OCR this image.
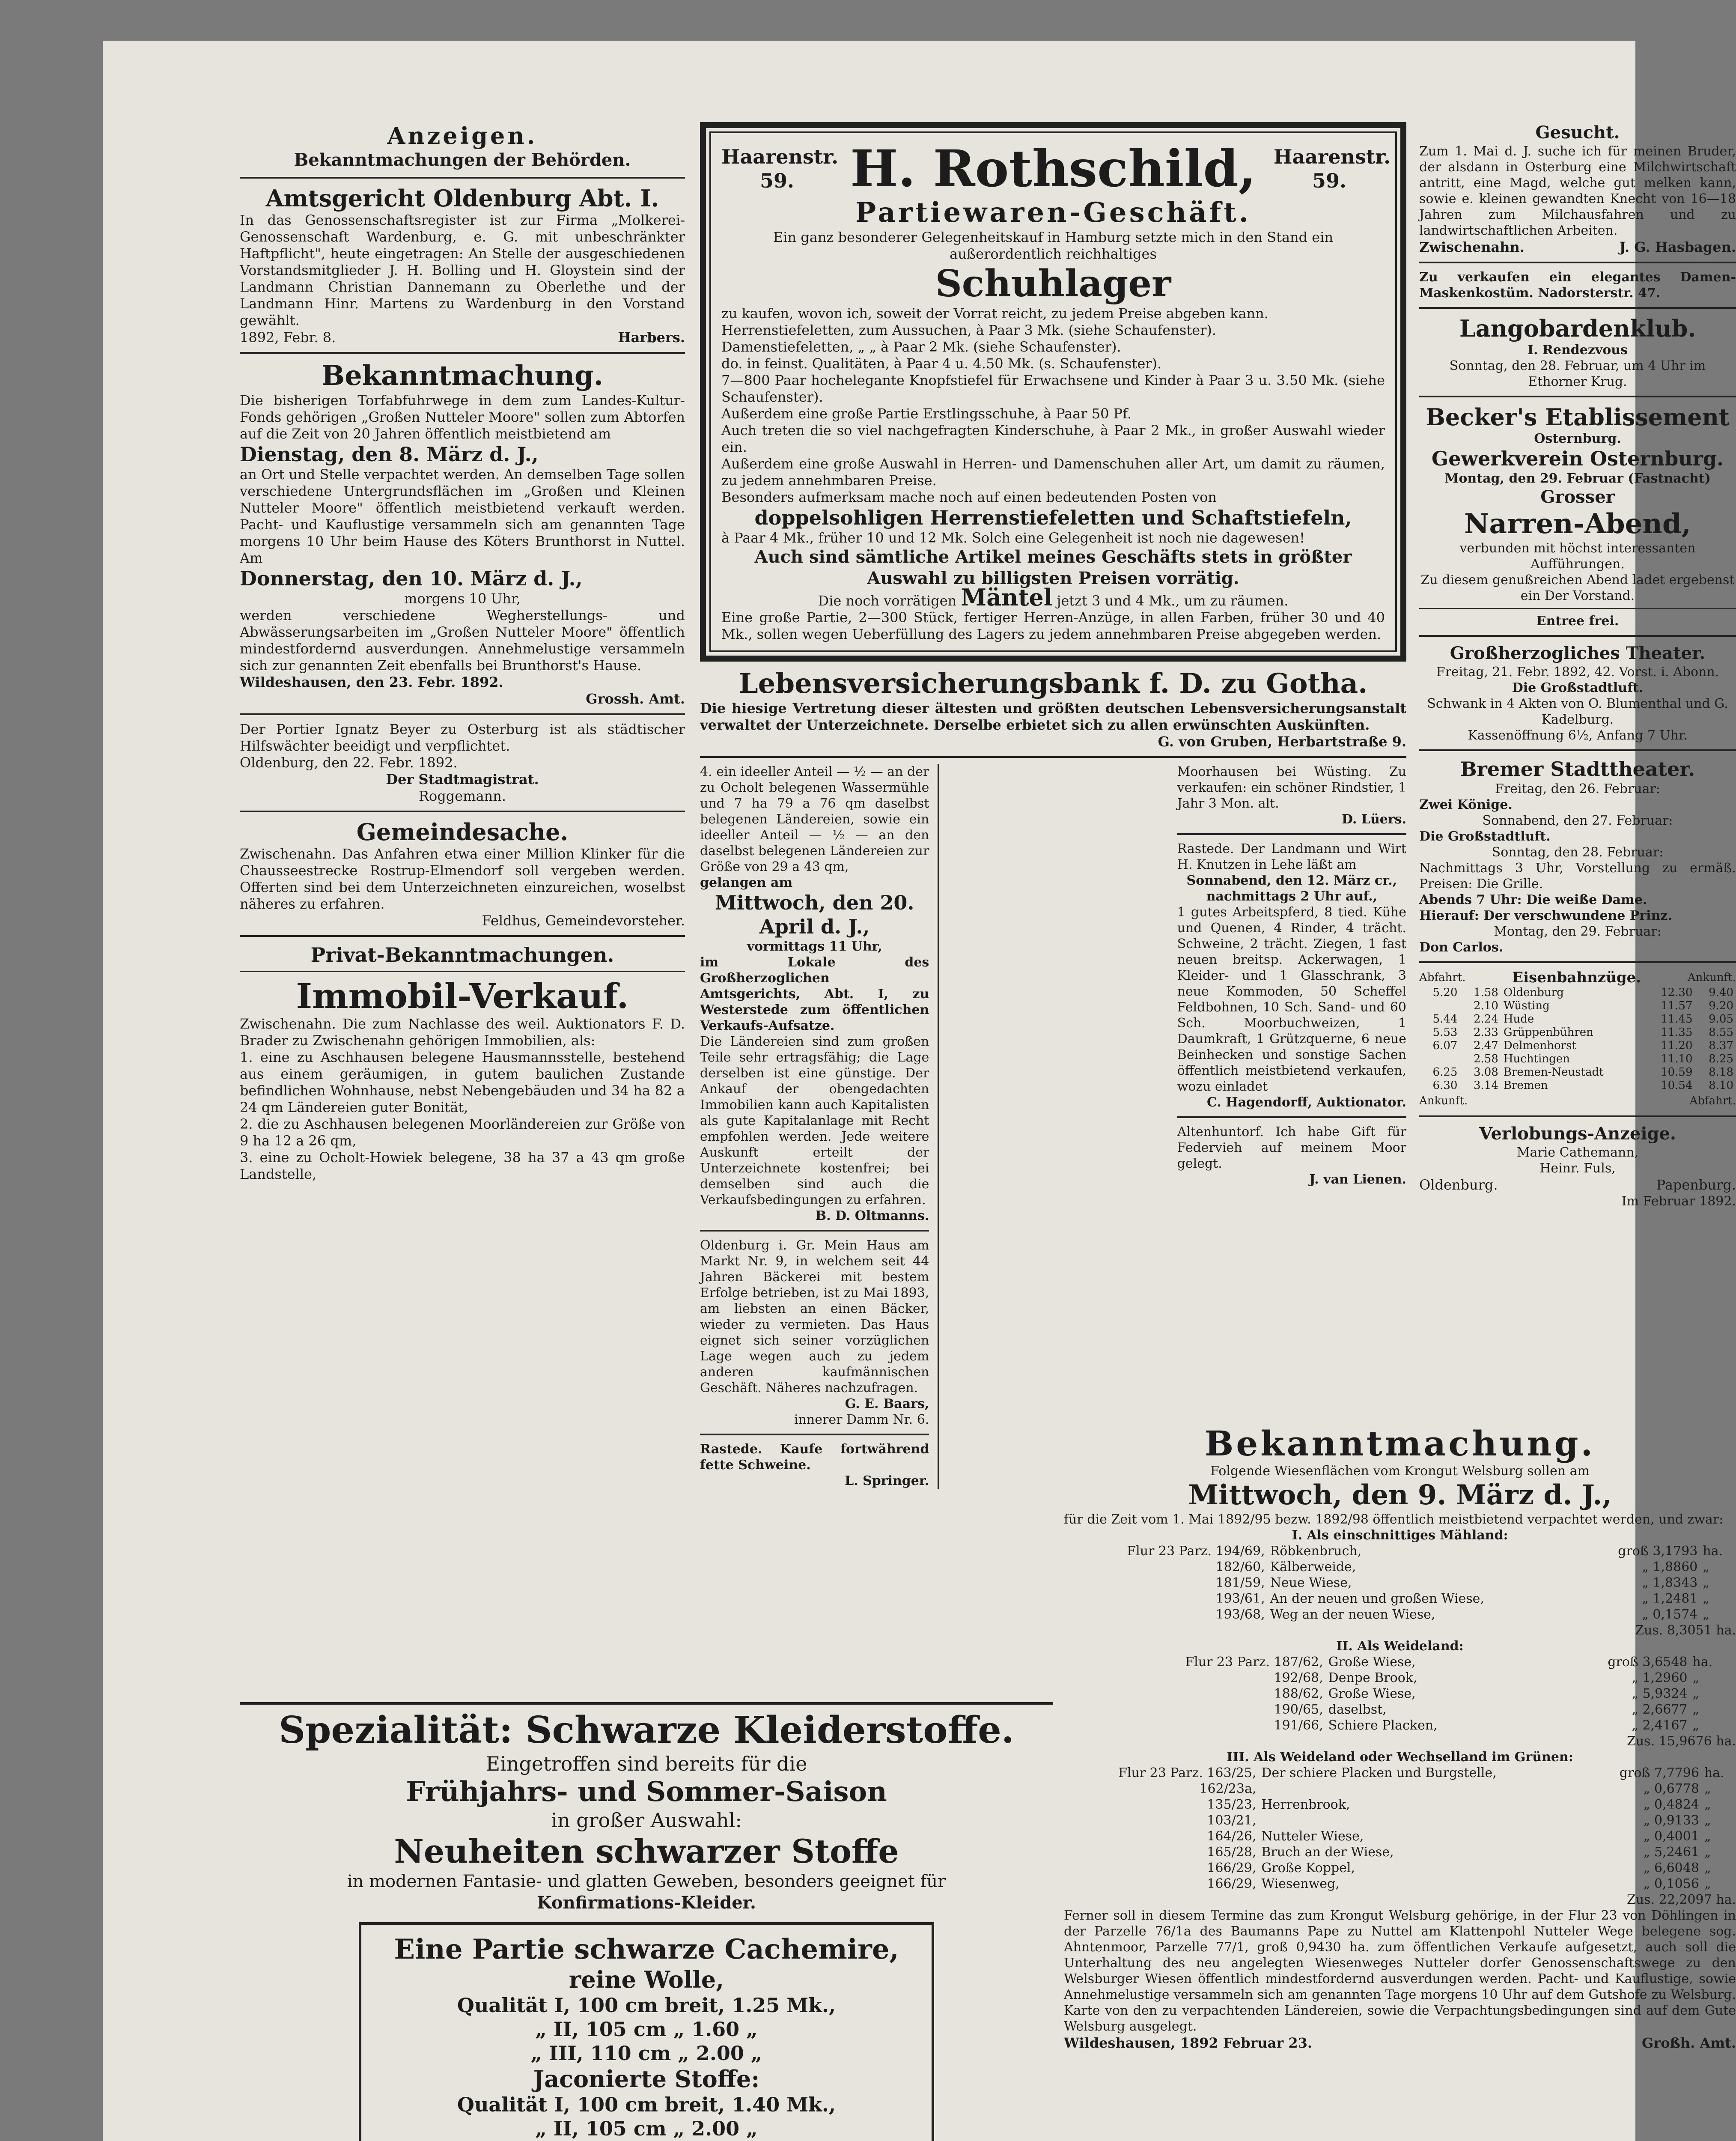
Anzeigen.
Bekanntmachungen der Behörden.
Amtsgericht Oldenburg Abt. I.

In das Genossenschaftsregister ist zur Firma „Molkerei-Genossenschaft Wardenburg, e. G. mit unbeschränkter Haftpflicht", heute eingetragen: An Stelle der ausgeschiedenen Vorstandsmitglieder J. H. Bolling und H. Gloystein sind der Landmann Christian Dannemann zu Oberlethe und der Landmann Hinr. Martens zu Wardenburg in den Vorstand gewählt.

1892, Febr. 8.	Harbers.
Bekanntmachung.

Die bisherigen Torfabfuhrwege in dem zum Landes-Kultur-Fonds gehörigen „Großen Nutteler Moore" sollen zum Abtorfen auf die Zeit von 20 Jahren öffentlich meistbietend am

Dienstag, den 8. März d. J.,

an Ort und Stelle verpachtet werden. An demselben Tage sollen verschiedene Untergrundsflächen im „Großen und Kleinen Nutteler Moore" öffentlich meistbietend verkauft werden. Pacht- und Kauflustige versammeln sich am genannten Tage morgens 10 Uhr beim Hause des Köters Brunthorst in Nuttel. Am

Donnerstag, den 10. März d. J.,

morgens 10 Uhr,

werden verschiedene Wegherstellungs- und Abwässerungsarbeiten im „Großen Nutteler Moore" öffentlich mindestfordernd ausverdungen. Annehmelustige versammeln sich zur genannten Zeit ebenfalls bei Brunthorst's Hause.

Wildeshausen, den 23. Febr. 1892.

Grossh. Amt.

Der Portier Ignatz Beyer zu Osterburg ist als städtischer Hilfswächter beeidigt und verpflichtet.

Oldenburg, den 22. Febr. 1892.

Der Stadtmagistrat.

Roggemann.

Gemeindesache.

Zwischenahn. Das Anfahren etwa einer Million Klinker für die Chausseestrecke Rostrup-Elmendorf soll vergeben werden. Offerten sind bei dem Unterzeichneten einzureichen, woselbst näheres zu erfahren.

Feldhus, Gemeindevorsteher.

Privat-Bekanntmachungen.
Immobil-Verkauf.

Zwischenahn. Die zum Nachlasse des weil. Auktionators F. D. Brader zu Zwischenahn gehörigen Immobilien, als:

1. eine zu Aschhausen belegene Hausmannsstelle, bestehend aus einem geräumigen, in gutem baulichen Zustande befindlichen Wohnhause, nebst Nebengebäuden und 34 ha 82 a 24 qm Ländereien guter Bonität,

2. die zu Aschhausen belegenen Moorländereien zur Größe von 9 ha 12 a 26 qm,

3. eine zu Ocholt-Howiek belegene, 38 ha 37 a 43 qm große Landstelle,

Haarenstr.
59.	H. Rothschild, Haarenstr.
59.
Partiewaren-Geschäft.

Ein ganz besonderer Gelegenheitskauf in Hamburg setzte mich in den Stand ein außerordentlich reichhaltiges

Schuhlager

zu kaufen, wovon ich, soweit der Vorrat reicht, zu jedem Preise abgeben kann.

Herrenstiefeletten, zum Aussuchen, à Paar 3 Mk. (siehe Schaufenster).

Damenstiefeletten, „ „ à Paar 2 Mk. (siehe Schaufenster).

do. in feinst. Qualitäten, à Paar 4 u. 4.50 Mk. (s. Schaufenster).

7—800 Paar hochelegante Knopfstiefel für Erwachsene und Kinder à Paar 3 u. 3.50 Mk. (siehe Schaufenster).

Außerdem eine große Partie Erstlingsschuhe, à Paar 50 Pf.

Auch treten die so viel nachgefragten Kinderschuhe, à Paar 2 Mk., in großer Auswahl wieder ein.

Außerdem eine große Auswahl in Herren- und Damenschuhen aller Art, um damit zu räumen, zu jedem annehmbaren Preise.

Besonders aufmerksam mache noch auf einen bedeutenden Posten von

doppelsohligen Herrenstiefeletten und Schaftstiefeln,

à Paar 4 Mk., früher 10 und 12 Mk. Solch eine Gelegenheit ist noch nie dagewesen!

Auch sind sämtliche Artikel meines Geschäfts stets in größter Auswahl zu billigsten Preisen vorrätig.

Die noch vorrätigen Mäntel jetzt 3 und 4 Mk., um zu räumen.

Eine große Partie, 2—300 Stück, fertiger Herren-Anzüge, in allen Farben, früher 30 und 40 Mk., sollen wegen Ueberfüllung des Lagers zu jedem annehmbaren Preise abgegeben werden.

Lebensversicherungsbank f. D. zu Gotha.

Die hiesige Vertretung dieser ältesten und größten deutschen Lebensversicherungsanstalt verwaltet der Unterzeichnete. Derselbe erbietet sich zu allen erwünschten Auskünften.

G. von Gruben, Herbartstraße 9.

4. ein ideeller Anteil — ½ — an der zu Ocholt belegenen Wassermühle und 7 ha 79 a 76 qm daselbst belegenen Ländereien, sowie ein ideeller Anteil — ½ — an den daselbst belegenen Ländereien zur Größe von 29 a 43 qm,

gelangen am

Mittwoch, den 20. April d. J.,

vormittags 11 Uhr,

im Lokale des Großherzoglichen Amtsgerichts, Abt. I, zu Westerstede zum öffentlichen Verkaufs-Aufsatze.

Die Ländereien sind zum großen Teile sehr ertragsfähig; die Lage derselben ist eine günstige. Der Ankauf der obengedachten Immobilien kann auch Kapitalisten als gute Kapitalanlage mit Recht empfohlen werden. Jede weitere Auskunft erteilt der Unterzeichnete kostenfrei; bei demselben sind auch die Verkaufsbedingungen zu erfahren.

B. D. Oltmanns.

Oldenburg i. Gr. Mein Haus am Markt Nr. 9, in welchem seit 44 Jahren Bäckerei mit bestem Erfolge betrieben, ist zu Mai 1893, am liebsten an einen Bäcker, wieder zu vermieten. Das Haus eignet sich seiner vorzüglichen Lage wegen auch zu jedem anderen kaufmännischen Geschäft. Näheres nachzufragen.

G. E. Baars,

innerer Damm Nr. 6.

Rastede. Kaufe fortwährend fette Schweine.

L. Springer.

Moorhausen bei Wüsting. Zu verkaufen: ein schöner Rindstier, 1 Jahr 3 Mon. alt.

D. Lüers.

Rastede. Der Landmann und Wirt H. Knutzen in Lehe läßt am

Sonnabend, den 12. März cr.,

nachmittags 2 Uhr auf.,

1 gutes Arbeitspferd, 8 tied. Kühe und Quenen, 4 Rinder, 4 trächt. Schweine, 2 trächt. Ziegen, 1 fast neuen breitsp. Ackerwagen, 1 Kleider- und 1 Glasschrank, 3 neue Kommoden, 50 Scheffel Feldbohnen, 10 Sch. Sand- und 60 Sch. Moorbuchweizen, 1 Daumkraft, 1 Grützquerne, 6 neue Beinhecken und sonstige Sachen öffentlich meistbietend verkaufen, wozu einladet

C. Hagendorff, Auktionator.

Altenhuntorf. Ich habe Gift für Federvieh auf meinem Moor gelegt.

J. van Lienen.

Gesucht.

Zum 1. Mai d. J. suche ich für meinen Bruder, der alsdann in Osterburg eine Milchwirtschaft antritt, eine Magd, welche gut melken kann, sowie e. kleinen gewandten Knecht von 16—18 Jahren zum Milchausfahren und zu landwirtschaftlichen Arbeiten.

Zwischenahn.	J. G. Hasbagen.

Zu verkaufen ein elegantes Damen-Maskenkostüm. Nadorsterstr. 47.

Langobardenklub.

I. Rendezvous

Sonntag, den 28. Februar, um 4 Uhr im Ethorner Krug.

Becker's Etablissement

Osternburg.

Gewerkverein Osternburg.

Montag, den 29. Februar (Fastnacht)

Grosser
Narren-Abend,

verbunden mit höchst interessanten Aufführungen.

Zu diesem genußreichen Abend ladet ergebenst ein Der Vorstand.

Entree frei.

Großherzogliches Theater.

Freitag, 21. Febr. 1892, 42. Vorst. i. Abonn.

Die Großstadtluft.

Schwank in 4 Akten von O. Blumenthal und G. Kadelburg.

Kassenöffnung 6½, Anfang 7 Uhr.

Bremer Stadttheater.

Freitag, den 26. Februar:

Zwei Könige.

Sonnabend, den 27. Februar:

Die Großstadtluft.

Sonntag, den 28. Februar:

Nachmittags 3 Uhr, Vorstellung zu ermäß. Preisen: Die Grille.

Abends 7 Uhr: Die weiße Dame.

Hierauf: Der verschwundene Prinz.

Montag, den 29. Februar:

Don Carlos.

Abfahrt.	Eisenbahnzüge.	Ankunft.
5.20	1.58	Oldenburg	12.30	9.40
	2.10	Wüsting	11.57	9.20
5.44	2.24	Hude	11.45	9.05
5.53	2.33	Grüppenbühren	11.35	8.55
6.07	2.47	Delmenhorst	11.20	8.37
	2.58	Huchtingen	11.10	8.25
6.25	3.08	Bremen-Neustadt	10.59	8.18
6.30	3.14	Bremen	10.54	8.10
Ankunft.	Abfahrt.
Verlobungs-Anzeige.

Marie Cathemann,

Heinr. Fuls,

Oldenburg.	Papenburg.

Im Februar 1892.

Spezialität: Schwarze Kleiderstoffe.
Eingetroffen sind bereits für die
Frühjahrs- und Sommer-Saison
in großer Auswahl:
Neuheiten schwarzer Stoffe
in modernen Fantasie- und glatten Geweben, besonders geeignet für
Konfirmations-Kleider.
Eine Partie schwarze Cachemire,
reine Wolle,
Qualität I, 100 cm breit, 1.25 Mk.,
„ II, 105 cm „ 1.60 „
„ III, 110 cm „ 2.00 „
Jaconierte Stoffe:
Qualität I, 100 cm breit, 1.40 Mk.,
„ II, 105 cm „ 2.00 „
Bekanntmachung.

Folgende Wiesenflächen vom Krongut Welsburg sollen am

Mittwoch, den 9. März d. J.,

für die Zeit vom 1. Mai 1892/95 bezw. 1892/98 öffentlich meistbietend verpachtet werden, und zwar:

I. Als einschnittiges Mähland:

Flur 23 Parz. 194/69,	Röbkenbruch,	groß 3,1793	ha.
182/60,	Kälberweide,	„ 1,8860	„
181/59,	Neue Wiese,	„ 1,8343	„
193/61,	An der neuen und großen Wiese,	„ 1,2481	„
193/68,	Weg an der neuen Wiese,	„ 0,1574	„

Zus. 8,3051 ha.

II. Als Weideland:

Flur 23 Parz. 187/62,	Große Wiese,	groß 3,6548	ha.
192/68,	Denpe Brook,	„ 1,2960	„
188/62,	Große Wiese,	„ 5,9324	„
190/65,	daselbst,	„ 2,6677	„
191/66,	Schiere Placken,	„ 2,4167	„

Zus. 15,9676 ha.

III. Als Weideland oder Wechselland im Grünen:

Flur 23 Parz. 163/25,	Der schiere Placken und Burgstelle,	groß 7,7796	ha.
162/23a,		„ 0,6778	„
135/23,	Herrenbrook,	„ 0,4824	„
103/21,		„ 0,9133	„
164/26,	Nutteler Wiese,	„ 0,4001	„
165/28,	Bruch an der Wiese,	„ 5,2461	„
166/29,	Große Koppel,	„ 6,6048	„
166/29,	Wiesenweg,	„ 0,1056	„

Zus. 22,2097 ha.

Ferner soll in diesem Termine das zum Krongut Welsburg gehörige, in der Flur 23 von Döhlingen in der Parzelle 76/1a des Baumanns Pape zu Nuttel am Klattenpohl Nutteler Wege belegene sog. Ahntenmoor, Parzelle 77/1, groß 0,9430 ha. zum öffentlichen Verkaufe aufgesetzt, auch soll die Unterhaltung des neu angelegten Wiesenweges Nutteler dorfer Genossenschaftswege zu den Welsburger Wiesen öffentlich mindestfordernd ausverdungen werden. Pacht- und Kauflustige, sowie Annehmelustige versammeln sich am genannten Tage morgens 10 Uhr auf dem Gutshofe zu Welsburg. Karte von den zu verpachtenden Ländereien, sowie die Verpachtungsbedingungen sind auf dem Gute Welsburg ausgelegt.

Wildeshausen, 1892 Februar 23.	Großh. Amt.
